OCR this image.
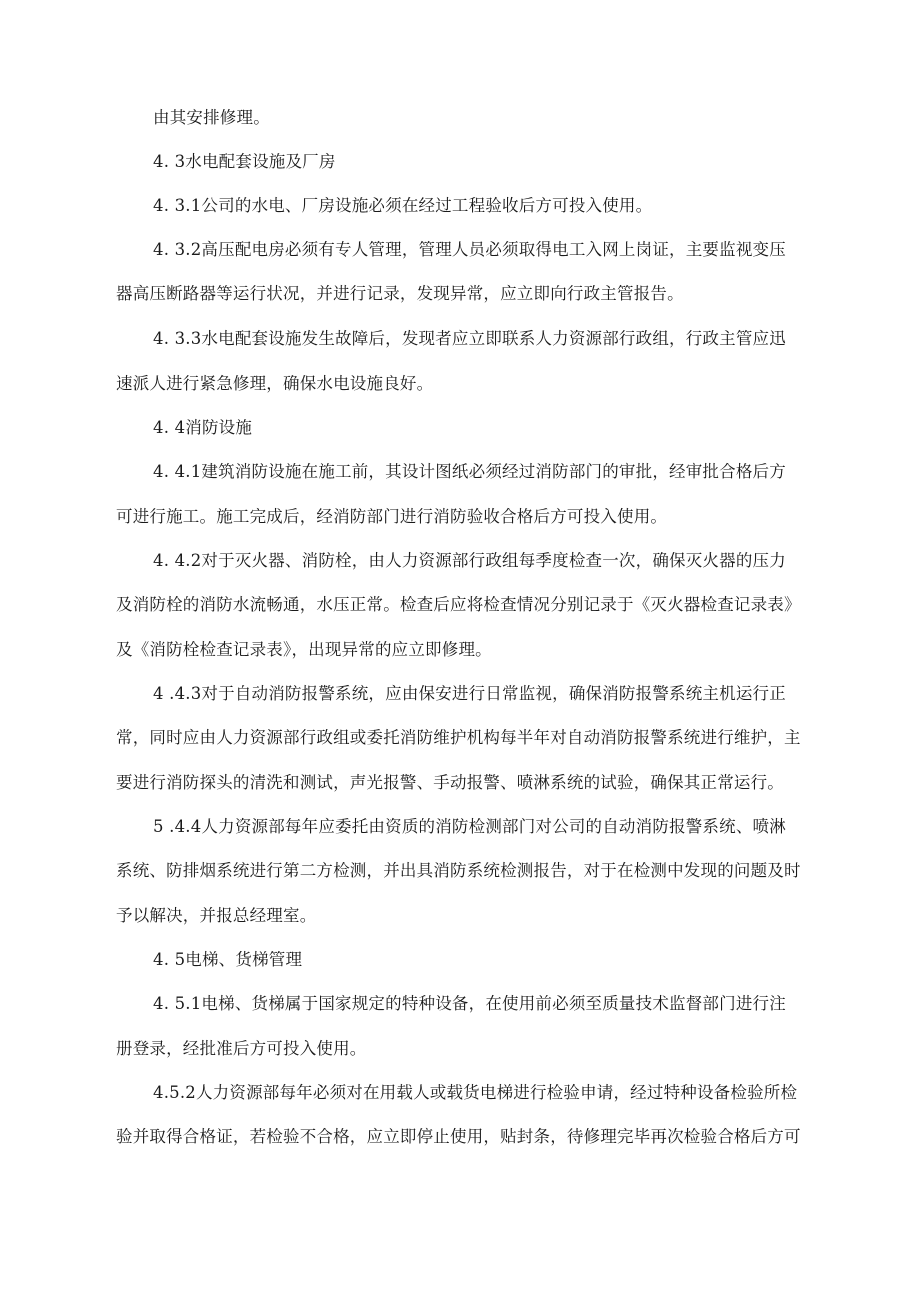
由其安排修理。
4. 3水电配套设施及厂房
4. 3.1公司的水电、厂房设施必须在经过工程验收后方可投入使用。
4. 3.2高压配电房必须有专人管理，管理人员必须取得电工入网上岗证，主要监视变压
器高压断路器等运行状况，并进行记录，发现异常，应立即向行政主管报告。
4. 3.3水电配套设施发生故障后，发现者应立即联系人力资源部行政组，行政主管应迅
速派人进行紧急修理，确保水电设施良好。
4. 4消防设施
4. 4.1建筑消防设施在施工前，其设计图纸必须经过消防部门的审批，经审批合格后方
可进行施工。施工完成后，经消防部门进行消防验收合格后方可投入使用。
4. 4.2对于灭火器、消防栓，由人力资源部行政组每季度检查一次，确保灭火器的压力
及消防栓的消防水流畅通，水压正常。检查后应将检查情况分别记录于《灭火器检查记录表》
及《消防栓检查记录表》，出现异常的应立即修理。
4 .4.3对于自动消防报警系统，应由保安进行日常监视，确保消防报警系统主机运行正
常，同时应由人力资源部行政组或委托消防维护机构每半年对自动消防报警系统进行维护，主
要进行消防探头的清洗和测试，声光报警、手动报警、喷淋系统的试验，确保其正常运行。
5 .4.4人力资源部每年应委托由资质的消防检测部门对公司的自动消防报警系统、喷淋
系统、防排烟系统进行第二方检测，并出具消防系统检测报告，对于在检测中发现的问题及时
予以解决，并报总经理室。
4. 5电梯、货梯管理
4. 5.1电梯、货梯属于国家规定的特种设备，在使用前必须至质量技术监督部门进行注
册登录，经批准后方可投入使用。
4.5.2人力资源部每年必须对在用载人或载货电梯进行检验申请，经过特种设备检验所检
验并取得合格证，若检验不合格，应立即停止使用，贴封条，待修理完毕再次检验合格后方可
